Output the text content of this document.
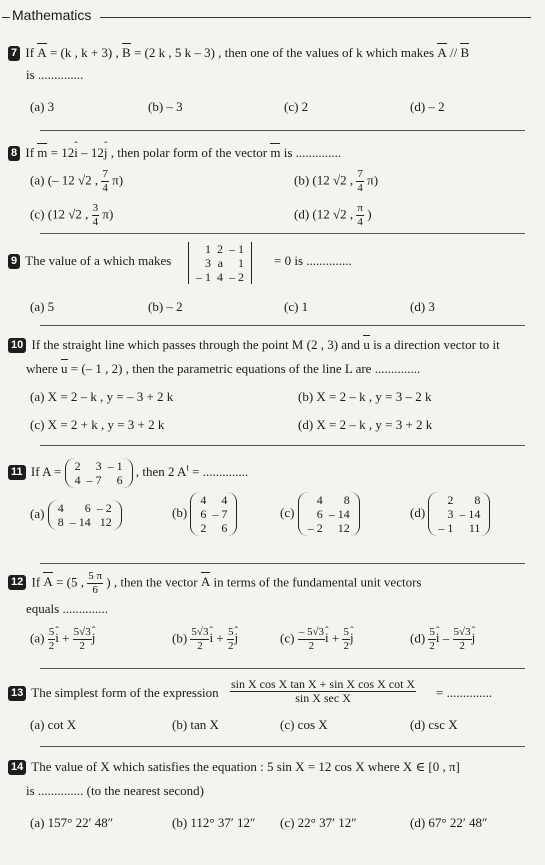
– Mathematics
7 If A = (k , k + 3) , B = (2 k , 5 k – 3) , then one of the values of k which makes A // B
is ..............
(a) 3	(b) – 3	(c) 2	(d) – 2
8 If m = 12ˆ i – 12ˆ j , then polar form of the vector m is ..............
(a) (– 12 √2 , $\frac{7}{4} \pi$)	(b) (12 √2 , $\frac{7}{4} \pi$)
(c) (12 √2 , $\frac{3}{4} \pi$)	(d) (12 √2 , $\frac{\pi}{4}$ )
9 The value of a which makes
1	2	– 1
3	a	1
– 1	4	– 2
= 0 is ..............
(a) 5	(b) – 2	(c) 1	(d) 3
10 If the straight line which passes through the point M (2 , 3) and u is a direction vector to it
where u = (– 1 , 2) , then the parametric equations of the line L are ..............
(a) X = 2 – k , y = – 3 + 2 k	(b) X = 2 – k , y = 3 – 2 k
(c) X = 2 + k , y = 3 + 2 k	(d) X = 2 – k , y = 3 + 2 k
11 If A = 2	3	– 1
4	– 7	6
, then 2 $A^t$ = ..............
(a) 4	6	– 2
8	– 14	12
(b)
4	4
6	– 7
2	6
(c)
4	8
6	– 14
– 2	12
(d)
2	8
3	– 14
– 1	11
12 If A = (5 , $\frac{5 \pi}{6}$ ) , then the vector A in terms of the fundamental unit vectors
equals ..............
$(a) \frac{5}{2}$ ˆ $i + \frac{5√3}{2}$ ˆ j	$(b) \frac{5√3}{2}$ ˆ $i + \frac{5}{2}$ ˆ j	$(c) \frac{- 5√3}{2}$ ˆ $i + \frac{5}{2}$ ˆ j	$(d) \frac{5}{2}$ ˆ i – $\frac{5√3}{2}$ ˆ j
13 The simplest form of the expression
sin X cos X tan X + sin X cos X cot X
sin X sec X	= ..............
(a) cot X	(b) tan X	(c) cos X	(d) csc X
14 The value of X which satisfies the equation : 5 sin X = 12 cos X where X ∈ [0 , π]
is .............. (to the nearest second)
(a) 157° 22′ 48″	(b) 112° 37′ 12″ (c) 22° 37′ 12″	(d) 67° 22′ 48″
